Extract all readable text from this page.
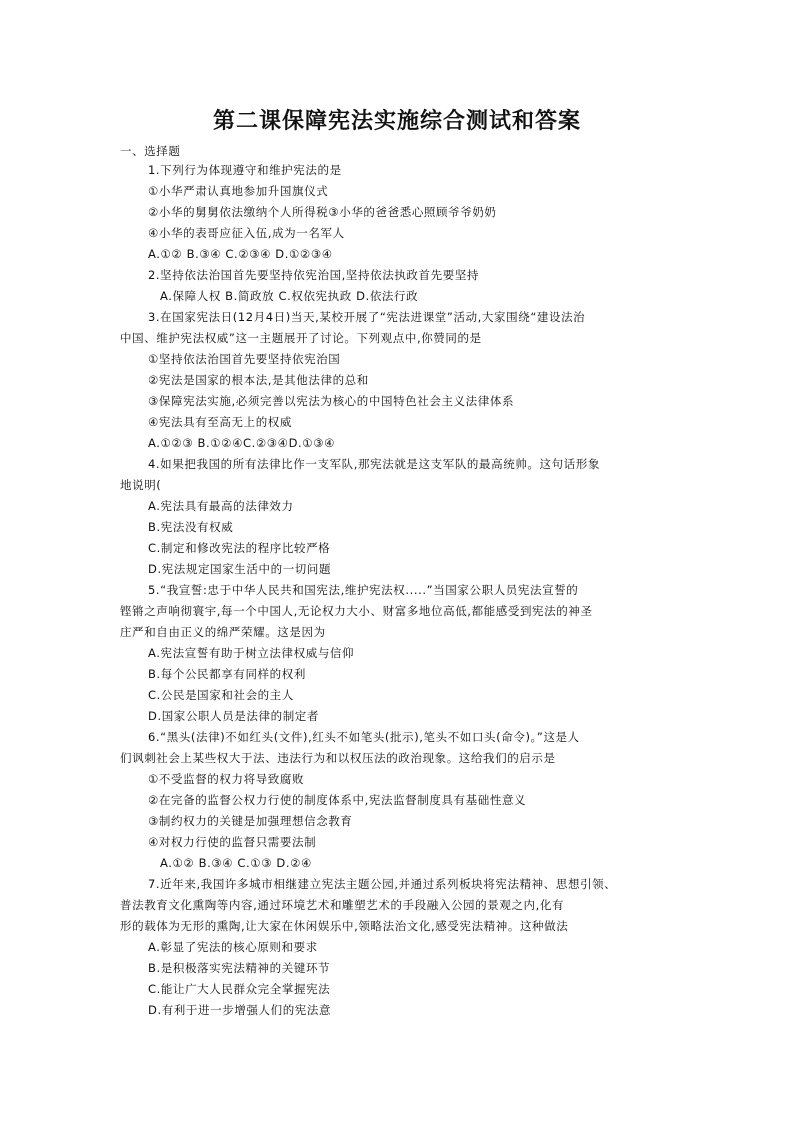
第二课保障宪法实施综合测试和答案
一、选择题
1.下列行为体现遵守和维护宪法的是
①小华严肃认真地参加升国旗仪式
②小华的舅舅依法缴纳个人所得税③小华的爸爸悉心照顾爷爷奶奶
④小华的表哥应征入伍,成为一名军人
A.①② B.③④ C.②③④ D.①②③④
2.坚持依法治国首先要坚持依宪治国,坚持依法执政首先要坚持
A.保障人权 B.简政放 C.权依宪执政 D.依法行政
3.在国家宪法日(12月4日)当天,某校开展了“宪法进课堂”活动,大家围绕“建设法治
中国、维护宪法权威”这一主题展开了讨论。下列观点中,你赞同的是
①坚持依法治国首先要坚持依宪治国
②宪法是国家的根本法,是其他法律的总和
③保障宪法实施,必须完善以宪法为核心的中国特色社会主义法律体系
④宪法具有至高无上的权威
A.①②③ B.①②④C.②③④D.①③④
4.如果把我国的所有法律比作一支军队,那宪法就是这支军队的最高统帅。这句话形象
地说明(
A.宪法具有最高的法律效力
B.宪法没有权威
C.制定和修改宪法的程序比较严格
D.宪法规定国家生活中的一切问题
5.“我宣誓:忠于中华人民共和国宪法,维护宪法权.....”当国家公职人员宪法宣誓的
铿锵之声响彻寰宇,每一个中国人,无论权力大小、财富多地位高低,都能感受到宪法的神圣
庄严和自由正义的绵严荣耀。这是因为
A.宪法宣誓有助于树立法律权威与信仰
B.每个公民都享有同样的权利
C.公民是国家和社会的主人
D.国家公职人员是法律的制定者
6.“黑头(法律)不如红头(文件),红头不如笔头(批示),笔头不如口头(命令)。”这是人
们讽刺社会上某些权大于法、违法行为和以权压法的政治现象。这给我们的启示是
①不受监督的权力将导致腐败
②在完备的监督公权力行使的制度体系中,宪法监督制度具有基础性意义
③制约权力的关键是加强理想信念教育
④对权力行使的监督只需要法制
A.①② B.③④ C.①③ D.②④
7.近年来,我国许多城市相继建立宪法主题公园,并通过系列板块将宪法精神、思想引领、
普法教育文化熏陶等内容,通过环境艺术和雕塑艺术的手段融入公园的景观之内,化有
形的载体为无形的熏陶,让大家在休闲娱乐中,领略法治文化,感受宪法精神。这种做法
A.彰显了宪法的核心原则和要求
B.是积极落实宪法精神的关键环节
C.能让广大人民群众完全掌握宪法
D.有利于进一步增强人们的宪法意
